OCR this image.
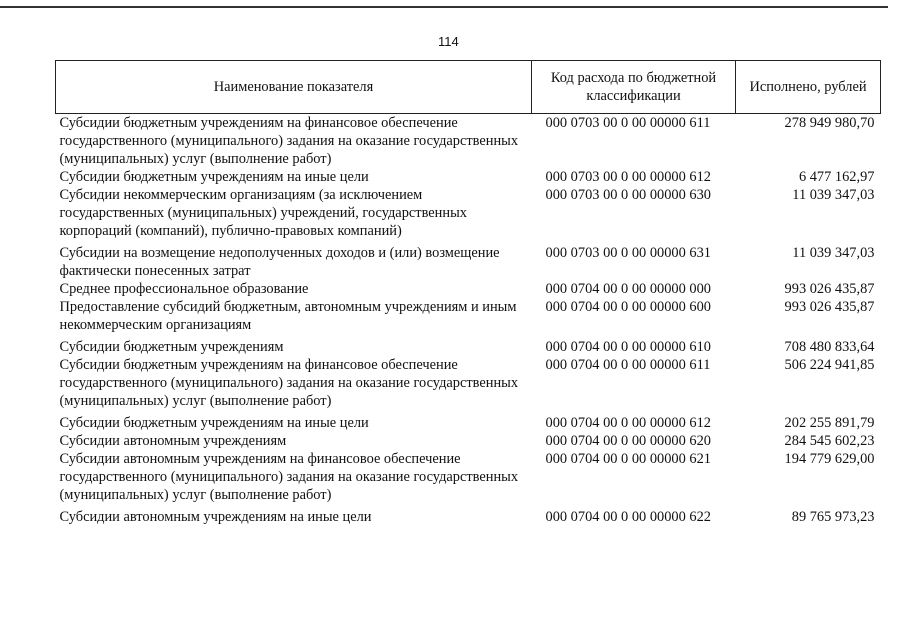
114
Наименование показателя	Код расхода по бюджетной классификации	Исполнено, рублей
Субсидии бюджетным учреждениям на финансовое обеспечение государственного (муниципального) задания на оказание государственных (муниципальных) услуг (выполнение работ)	000 0703 00 0 00 00000 611	278 949 980,70
Субсидии бюджетным учреждениям на иные цели	000 0703 00 0 00 00000 612	6 477 162,97
Субсидии некоммерческим организациям (за исключением государственных (муниципальных) учреждений, государственных корпораций (компаний), публично-правовых компаний)	000 0703 00 0 00 00000 630	11 039 347,03
Субсидии на возмещение недополученных доходов и (или) возмещение фактически понесенных затрат	000 0703 00 0 00 00000 631	11 039 347,03
Среднее профессиональное образование	000 0704 00 0 00 00000 000	993 026 435,87
Предоставление субсидий бюджетным, автономным учреждениям и иным некоммерческим организациям	000 0704 00 0 00 00000 600	993 026 435,87
Субсидии бюджетным учреждениям	000 0704 00 0 00 00000 610	708 480 833,64
Субсидии бюджетным учреждениям на финансовое обеспечение государственного (муниципального) задания на оказание государственных (муниципальных) услуг (выполнение работ)	000 0704 00 0 00 00000 611	506 224 941,85
Субсидии бюджетным учреждениям на иные цели	000 0704 00 0 00 00000 612	202 255 891,79
Субсидии автономным учреждениям	000 0704 00 0 00 00000 620	284 545 602,23
Субсидии автономным учреждениям на финансовое обеспечение государственного (муниципального) задания на оказание государственных (муниципальных) услуг (выполнение работ)	000 0704 00 0 00 00000 621	194 779 629,00
Субсидии автономным учреждениям на иные цели	000 0704 00 0 00 00000 622	89 765 973,23
